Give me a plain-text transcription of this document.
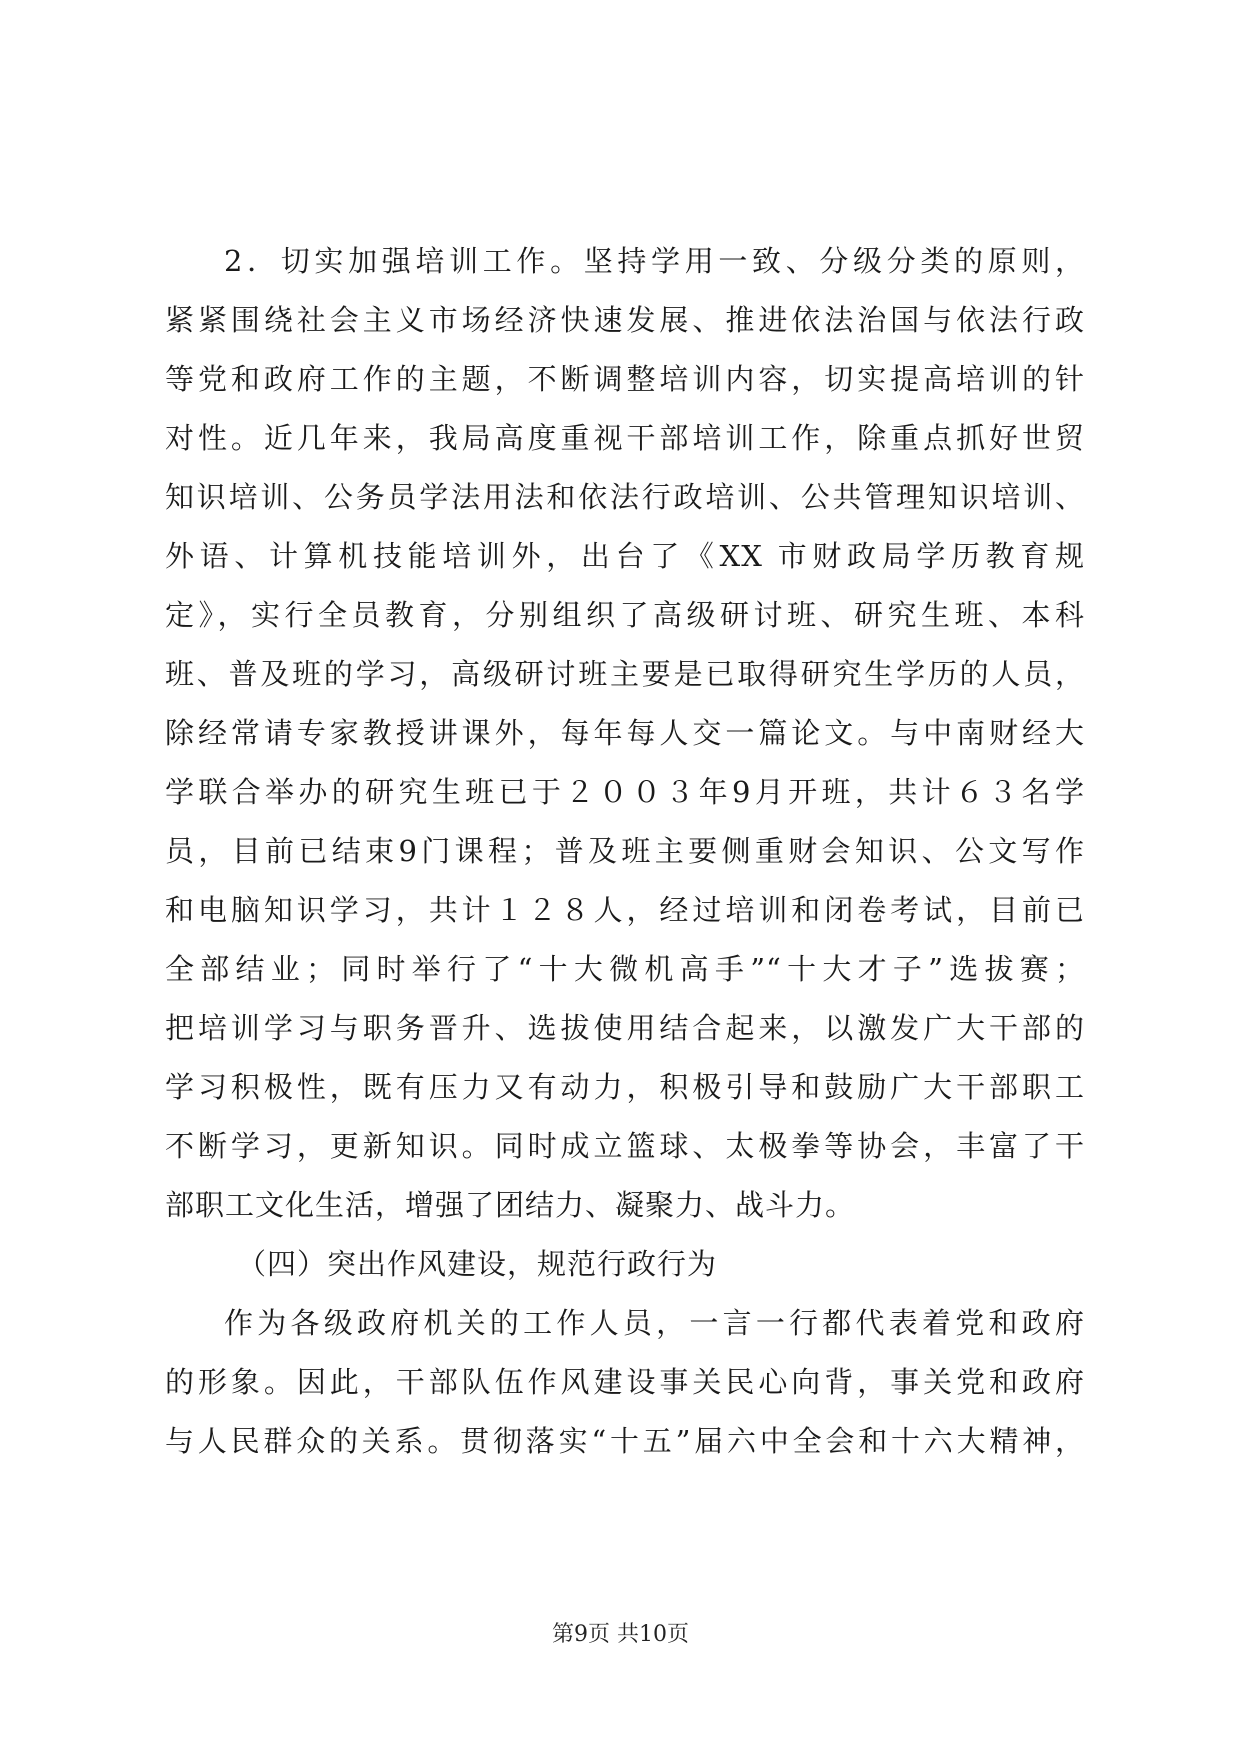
2．切实加强培训工作。坚持学用一致、分级分类的原则，
紧紧围绕社会主义市场经济快速发展、推进依法治国与依法行政
等党和政府工作的主题，不断调整培训内容，切实提高培训的针
对性。近几年来，我局高度重视干部培训工作，除重点抓好世贸
知识培训、公务员学法用法和依法行政培训、公共管理知识培训、
外语、计算机技能培训外，出台了《XX 市财政局学历教育规
定》，实行全员教育，分别组织了高级研讨班、研究生班、本科
班、普及班的学习，高级研讨班主要是已取得研究生学历的人员，
除经常请专家教授讲课外，每年每人交一篇论文。与中南财经大
学联合举办的研究生班已于２００３年9月开班，共计６３名学
员，目前已结束9门课程；普及班主要侧重财会知识、公文写作
和电脑知识学习，共计１２８人，经过培训和闭卷考试，目前已
全部结业；同时举行了“十大微机高手”“十大才子”选拔赛；
把培训学习与职务晋升、选拔使用结合起来，以激发广大干部的
学习积极性，既有压力又有动力，积极引导和鼓励广大干部职工
不断学习，更新知识。同时成立篮球、太极拳等协会，丰富了干
部职工文化生活，增强了团结力、凝聚力、战斗力。
（四）突出作风建设，规范行政行为
作为各级政府机关的工作人员，一言一行都代表着党和政府
的形象。因此，干部队伍作风建设事关民心向背，事关党和政府
与人民群众的关系。贯彻落实“十五”届六中全会和十六大精神，
第9页 共10页
